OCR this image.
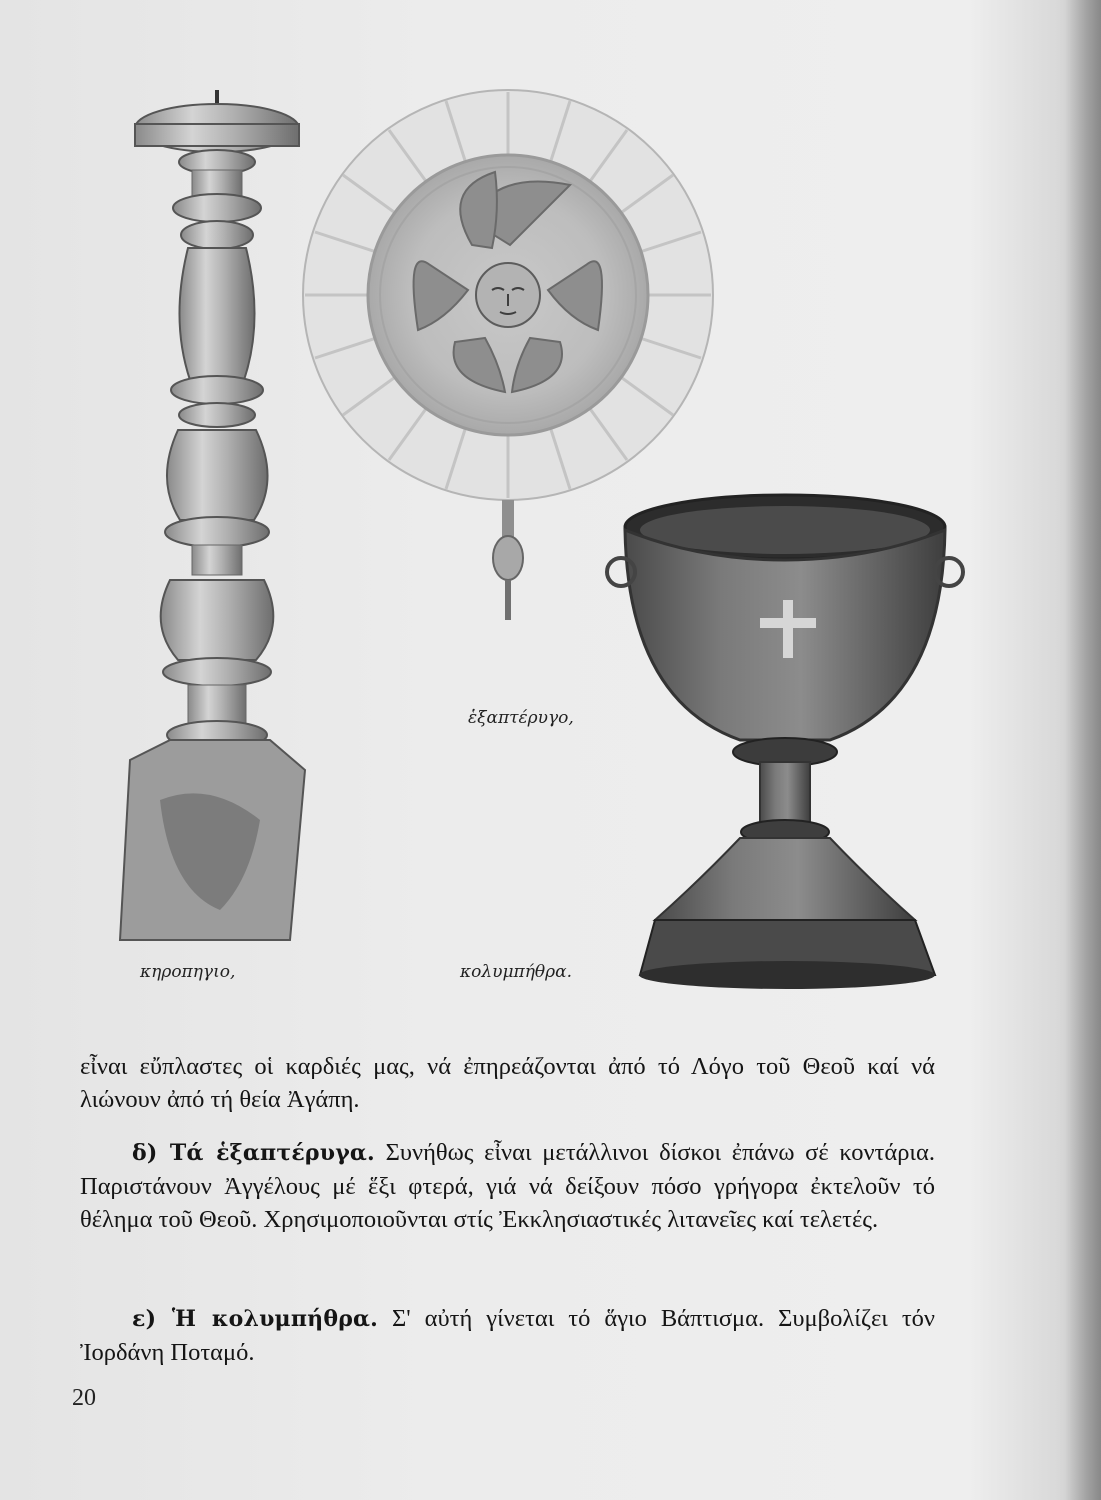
ἑξαπτέρυγο,
κηροπηγιο,	κολυμπήθρα.

εἶναι εὔπλαστες οἱ καρδιές μας, νά ἐπηρεάζονται ἀπό τό Λόγο τοῦ Θεοῦ καί νά λιώνουν ἀπό τή θεία Ἀγάπη.

δ) Τά ἑξαπτέρυγα. Συνήθως εἶναι μετάλλινοι δίσκοι ἐπάνω σέ κοντάρια. Παριστάνουν Ἀγγέλους μέ ἕξι φτερά, γιά νά δείξουν πόσο γρήγορα ἐκτελοῦν τό θέλημα τοῦ Θεοῦ. Χρησιμοποιοῦνται στίς Ἐκκλησιαστικές λιτανεῖες καί τελετές.

ε) Ἡ κολυμπήθρα. Σ' αὐτή γίνεται τό ἅγιο Βάπτισμα. Συμβολίζει τόν Ἰορδάνη Ποταμό.

20
